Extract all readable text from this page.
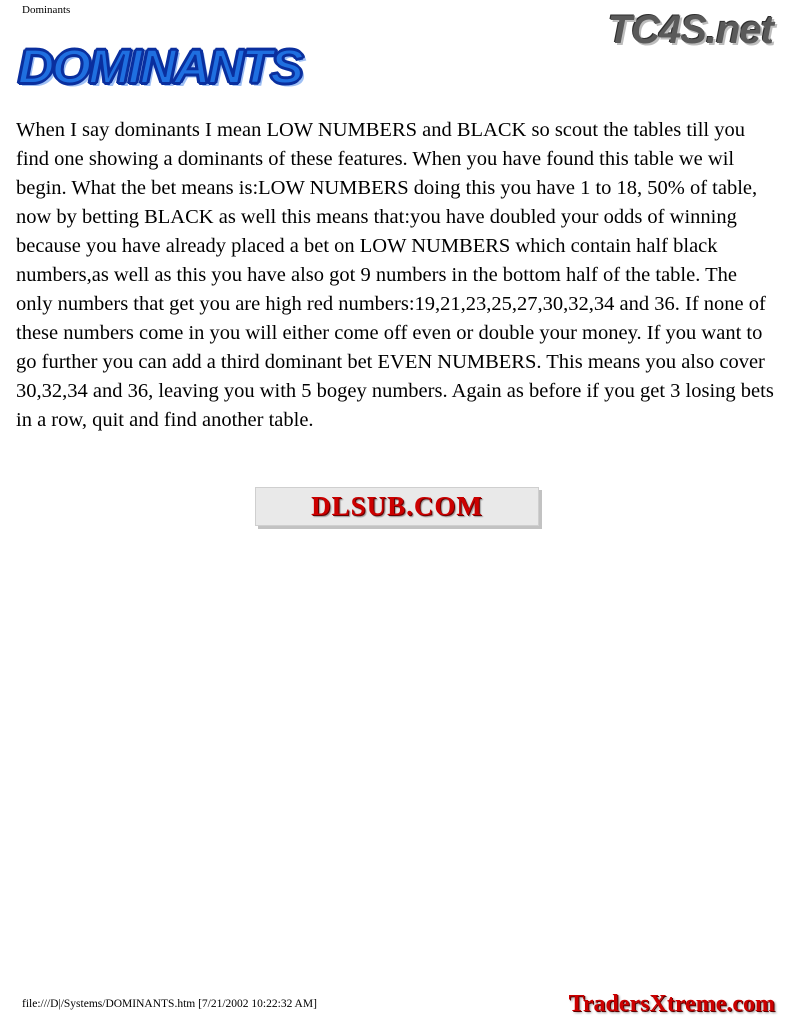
Dominants	TC4S.net
DOMINANTS
When I say dominants I mean LOW NUMBERS and BLACK so scout the tables till you find one showing a dominants of these features. When you have found this table we wil begin. What the bet means is:LOW NUMBERS doing this you have 1 to 18, 50% of table, now by betting BLACK as well this means that:you have doubled your odds of winning because you have already placed a bet on LOW NUMBERS which contain half black numbers,as well as this you have also got 9 numbers in the bottom half of the table. The only numbers that get you are high red numbers:19,21,23,25,27,30,32,34 and 36. If none of these numbers come in you will either come off even or double your money. If you want to go further you can add a third dominant bet EVEN NUMBERS. This means you also cover 30,32,34 and 36, leaving you with 5 bogey numbers. Again as before if you get 3 losing bets in a row, quit and find another table.
DLSUB.COM
file:///D|/Systems/DOMINANTS.htm [7/21/2002 10:22:32 AM]	TradersXtreme.com
